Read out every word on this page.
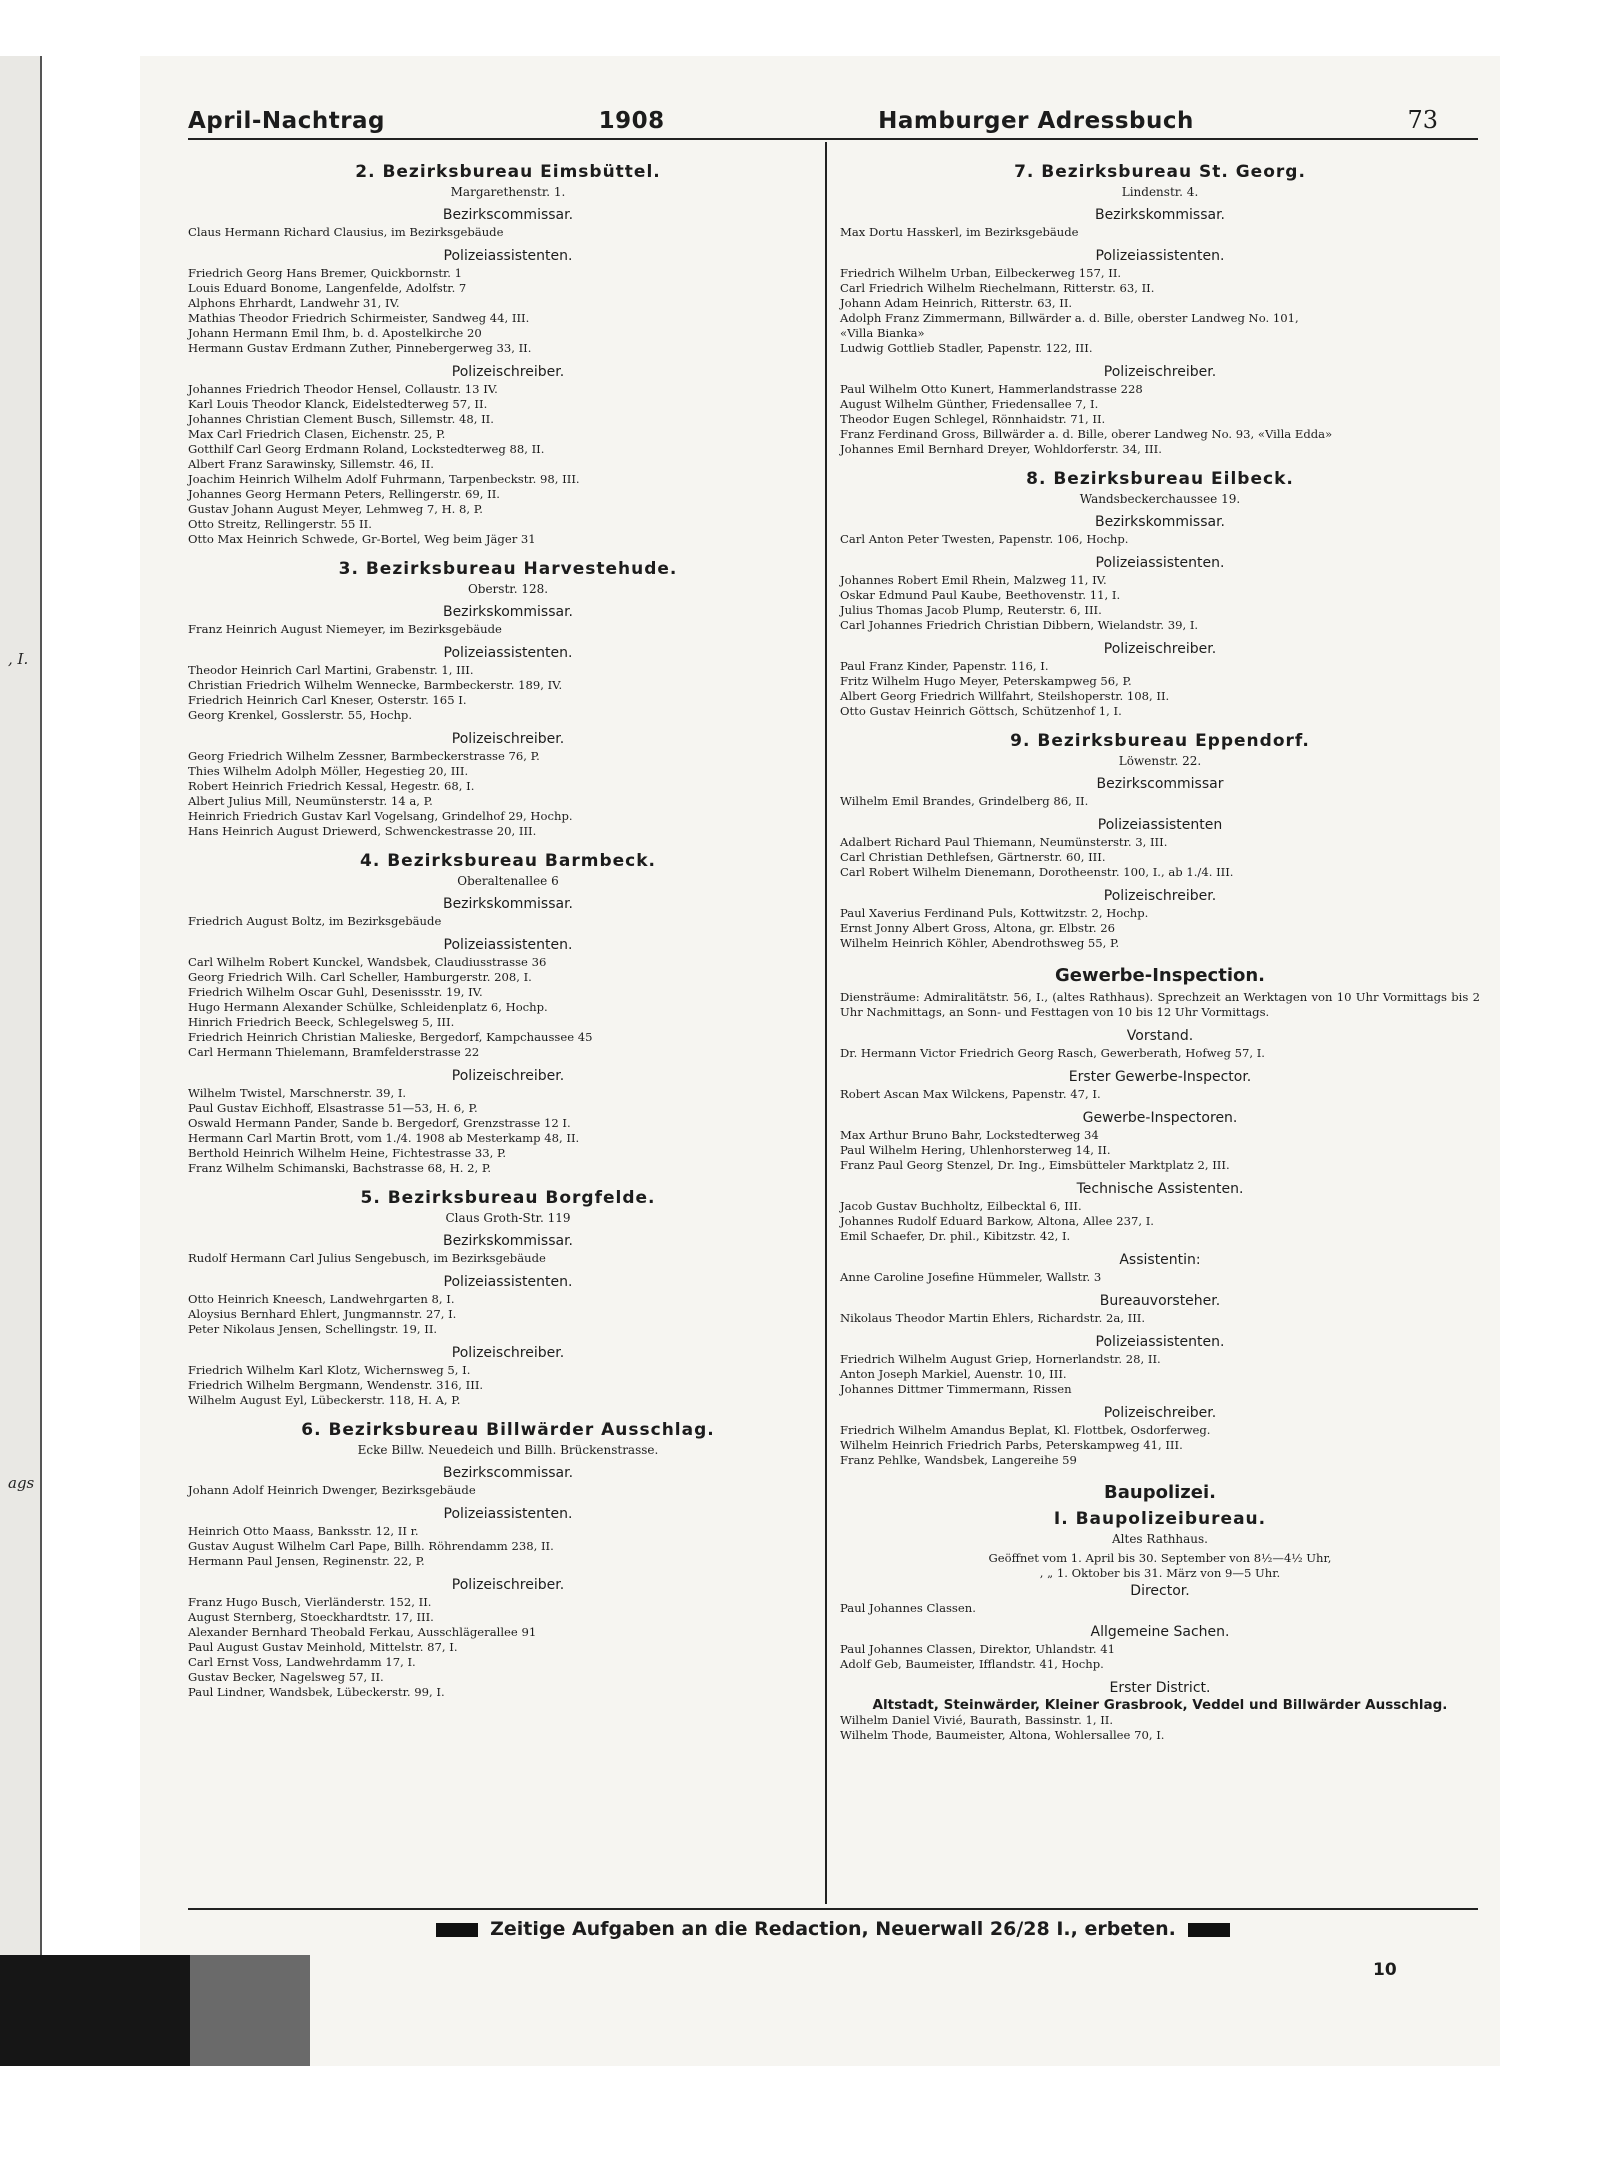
, I.
ags
April-Nachtrag	1908	Hamburger Adressbuch	73
2. Bezirksbureau Eimsbüttel.
Margarethenstr. 1.
Bezirkscommissar.
Claus Hermann Richard Clausius, im Bezirksgebäude
Polizeiassistenten.
Friedrich Georg Hans Bremer, Quickbornstr. 1
Louis Eduard Bonome, Langenfelde, Adolfstr. 7
Alphons Ehrhardt, Landwehr 31, IV.
Mathias Theodor Friedrich Schirmeister, Sandweg 44, III.
Johann Hermann Emil Ihm, b. d. Apostelkirche 20
Hermann Gustav Erdmann Zuther, Pinnebergerweg 33, II.
Polizeischreiber.
Johannes Friedrich Theodor Hensel, Collaustr. 13 IV.
Karl Louis Theodor Klanck, Eidelstedterweg 57, II.
Johannes Christian Clement Busch, Sillemstr. 48, II.
Max Carl Friedrich Clasen, Eichenstr. 25, P.
Gotthilf Carl Georg Erdmann Roland, Lockstedterweg 88, II.
Albert Franz Sarawinsky, Sillemstr. 46, II.
Joachim Heinrich Wilhelm Adolf Fuhrmann, Tarpenbeckstr. 98, III.
Johannes Georg Hermann Peters, Rellingerstr. 69, II.
Gustav Johann August Meyer, Lehmweg 7, H. 8, P.
Otto Streitz, Rellingerstr. 55 II.
Otto Max Heinrich Schwede, Gr-Bortel, Weg beim Jäger 31
3. Bezirksbureau Harvestehude.
Oberstr. 128.
Bezirkskommissar.
Franz Heinrich August Niemeyer, im Bezirksgebäude
Polizeiassistenten.
Theodor Heinrich Carl Martini, Grabenstr. 1, III.
Christian Friedrich Wilhelm Wennecke, Barmbeckerstr. 189, IV.
Friedrich Heinrich Carl Kneser, Osterstr. 165 I.
Georg Krenkel, Gosslerstr. 55, Hochp.
Polizeischreiber.
Georg Friedrich Wilhelm Zessner, Barmbeckerstrasse 76, P.
Thies Wilhelm Adolph Möller, Hegestieg 20, III.
Robert Heinrich Friedrich Kessal, Hegestr. 68, I.
Albert Julius Mill, Neumünsterstr. 14 a, P.
Heinrich Friedrich Gustav Karl Vogelsang, Grindelhof 29, Hochp.
Hans Heinrich August Driewerd, Schwenckestrasse 20, III.
4. Bezirksbureau Barmbeck.
Oberaltenallee 6
Bezirkskommissar.
Friedrich August Boltz, im Bezirksgebäude
Polizeiassistenten.
Carl Wilhelm Robert Kunckel, Wandsbek, Claudiusstrasse 36
Georg Friedrich Wilh. Carl Scheller, Hamburgerstr. 208, I.
Friedrich Wilhelm Oscar Guhl, Desenissstr. 19, IV.
Hugo Hermann Alexander Schülke, Schleidenplatz 6, Hochp.
Hinrich Friedrich Beeck, Schlegelsweg 5, III.
Friedrich Heinrich Christian Malieske, Bergedorf, Kampchaussee 45
Carl Hermann Thielemann, Bramfelderstrasse 22
Polizeischreiber.
Wilhelm Twistel, Marschnerstr. 39, I.
Paul Gustav Eichhoff, Elsastrasse 51—53, H. 6, P.
Oswald Hermann Pander, Sande b. Bergedorf, Grenzstrasse 12 I.
Hermann Carl Martin Brott, vom 1./4. 1908 ab Mesterkamp 48, II.
Berthold Heinrich Wilhelm Heine, Fichtestrasse 33, P.
Franz Wilhelm Schimanski, Bachstrasse 68, H. 2, P.
5. Bezirksbureau Borgfelde.
Claus Groth-Str. 119
Bezirkskommissar.
Rudolf Hermann Carl Julius Sengebusch, im Bezirksgebäude
Polizeiassistenten.
Otto Heinrich Kneesch, Landwehrgarten 8, I.
Aloysius Bernhard Ehlert, Jungmannstr. 27, I.
Peter Nikolaus Jensen, Schellingstr. 19, II.
Polizeischreiber.
Friedrich Wilhelm Karl Klotz, Wichernsweg 5, I.
Friedrich Wilhelm Bergmann, Wendenstr. 316, III.
Wilhelm August Eyl, Lübeckerstr. 118, H. A, P.
6. Bezirksbureau Billwärder Ausschlag.
Ecke Billw. Neuedeich und Billh. Brückenstrasse.
Bezirkscommissar.
Johann Adolf Heinrich Dwenger, Bezirksgebäude
Polizeiassistenten.
Heinrich Otto Maass, Banksstr. 12, II r.
Gustav August Wilhelm Carl Pape, Billh. Röhrendamm 238, II.
Hermann Paul Jensen, Reginenstr. 22, P.
Polizeischreiber.
Franz Hugo Busch, Vierländerstr. 152, II.
August Sternberg, Stoeckhardtstr. 17, III.
Alexander Bernhard Theobald Ferkau, Ausschlägerallee 91
Paul August Gustav Meinhold, Mittelstr. 87, I.
Carl Ernst Voss, Landwehrdamm 17, I.
Gustav Becker, Nagelsweg 57, II.
Paul Lindner, Wandsbek, Lübeckerstr. 99, I.
7. Bezirksbureau St. Georg.
Lindenstr. 4.
Bezirkskommissar.
Max Dortu Hasskerl, im Bezirksgebäude
Polizeiassistenten.
Friedrich Wilhelm Urban, Eilbeckerweg 157, II.
Carl Friedrich Wilhelm Riechelmann, Ritterstr. 63, II.
Johann Adam Heinrich, Ritterstr. 63, II.
Adolph Franz Zimmermann, Billwärder a. d. Bille, oberster Landweg No. 101,
«Villa Bianka»
Ludwig Gottlieb Stadler, Papenstr. 122, III.
Polizeischreiber.
Paul Wilhelm Otto Kunert, Hammerlandstrasse 228
August Wilhelm Günther, Friedensallee 7, I.
Theodor Eugen Schlegel, Rönnhaidstr. 71, II.
Franz Ferdinand Gross, Billwärder a. d. Bille, oberer Landweg No. 93, «Villa Edda»
Johannes Emil Bernhard Dreyer, Wohldorferstr. 34, III.
8. Bezirksbureau Eilbeck.
Wandsbeckerchaussee 19.
Bezirkskommissar.
Carl Anton Peter Twesten, Papenstr. 106, Hochp.
Polizeiassistenten.
Johannes Robert Emil Rhein, Malzweg 11, IV.
Oskar Edmund Paul Kaube, Beethovenstr. 11, I.
Julius Thomas Jacob Plump, Reuterstr. 6, III.
Carl Johannes Friedrich Christian Dibbern, Wielandstr. 39, I.
Polizeischreiber.
Paul Franz Kinder, Papenstr. 116, I.
Fritz Wilhelm Hugo Meyer, Peterskampweg 56, P.
Albert Georg Friedrich Willfahrt, Steilshoperstr. 108, II.
Otto Gustav Heinrich Göttsch, Schützenhof 1, I.
9. Bezirksbureau Eppendorf.
Löwenstr. 22.
Bezirkscommissar
Wilhelm Emil Brandes, Grindelberg 86, II.
Polizeiassistenten
Adalbert Richard Paul Thiemann, Neumünsterstr. 3, III.
Carl Christian Dethlefsen, Gärtnerstr. 60, III.
Carl Robert Wilhelm Dienemann, Dorotheenstr. 100, I., ab 1./4. III.
Polizeischreiber.
Paul Xaverius Ferdinand Puls, Kottwitzstr. 2, Hochp.
Ernst Jonny Albert Gross, Altona, gr. Elbstr. 26
Wilhelm Heinrich Köhler, Abendrothsweg 55, P.
Gewerbe-Inspection.
Diensträume: Admiralitätstr. 56, I., (altes Rathhaus). Sprechzeit an Werktagen von 10 Uhr Vormittags bis 2 Uhr Nachmittags, an Sonn- und Festtagen von 10 bis 12 Uhr Vormittags.
Vorstand.
Dr. Hermann Victor Friedrich Georg Rasch, Gewerberath, Hofweg 57, I.
Erster Gewerbe-Inspector.
Robert Ascan Max Wilckens, Papenstr. 47, I.
Gewerbe-Inspectoren.
Max Arthur Bruno Bahr, Lockstedterweg 34
Paul Wilhelm Hering, Uhlenhorsterweg 14, II.
Franz Paul Georg Stenzel, Dr. Ing., Eimsbütteler Marktplatz 2, III.
Technische Assistenten.
Jacob Gustav Buchholtz, Eilbecktal 6, III.
Johannes Rudolf Eduard Barkow, Altona, Allee 237, I.
Emil Schaefer, Dr. phil., Kibitzstr. 42, I.
Assistentin:
Anne Caroline Josefine Hümmeler, Wallstr. 3
Bureauvorsteher.
Nikolaus Theodor Martin Ehlers, Richardstr. 2a, III.
Polizeiassistenten.
Friedrich Wilhelm August Griep, Hornerlandstr. 28, II.
Anton Joseph Markiel, Auenstr. 10, III.
Johannes Dittmer Timmermann, Rissen
Polizeischreiber.
Friedrich Wilhelm Amandus Beplat, Kl. Flottbek, Osdorferweg.
Wilhelm Heinrich Friedrich Parbs, Peterskampweg 41, III.
Franz Pehlke, Wandsbek, Langereihe 59
Baupolizei.
I. Baupolizeibureau.
Altes Rathhaus.
Geöffnet vom 1. April bis 30. September von 8½—4½ Uhr,
, „ 1. Oktober bis 31. März von 9—5 Uhr.
Director.
Paul Johannes Classen.
Allgemeine Sachen.
Paul Johannes Classen, Direktor, Uhlandstr. 41
Adolf Geb, Baumeister, Ifflandstr. 41, Hochp.
Erster District.
Altstadt, Steinwärder, Kleiner Grasbrook, Veddel und Billwärder Ausschlag.
Wilhelm Daniel Vivié, Baurath, Bassinstr. 1, II.
Wilhelm Thode, Baumeister, Altona, Wohlersallee 70, I.
Zeitige Aufgaben an die Redaction, Neuerwall 26/28 I., erbeten.
10
